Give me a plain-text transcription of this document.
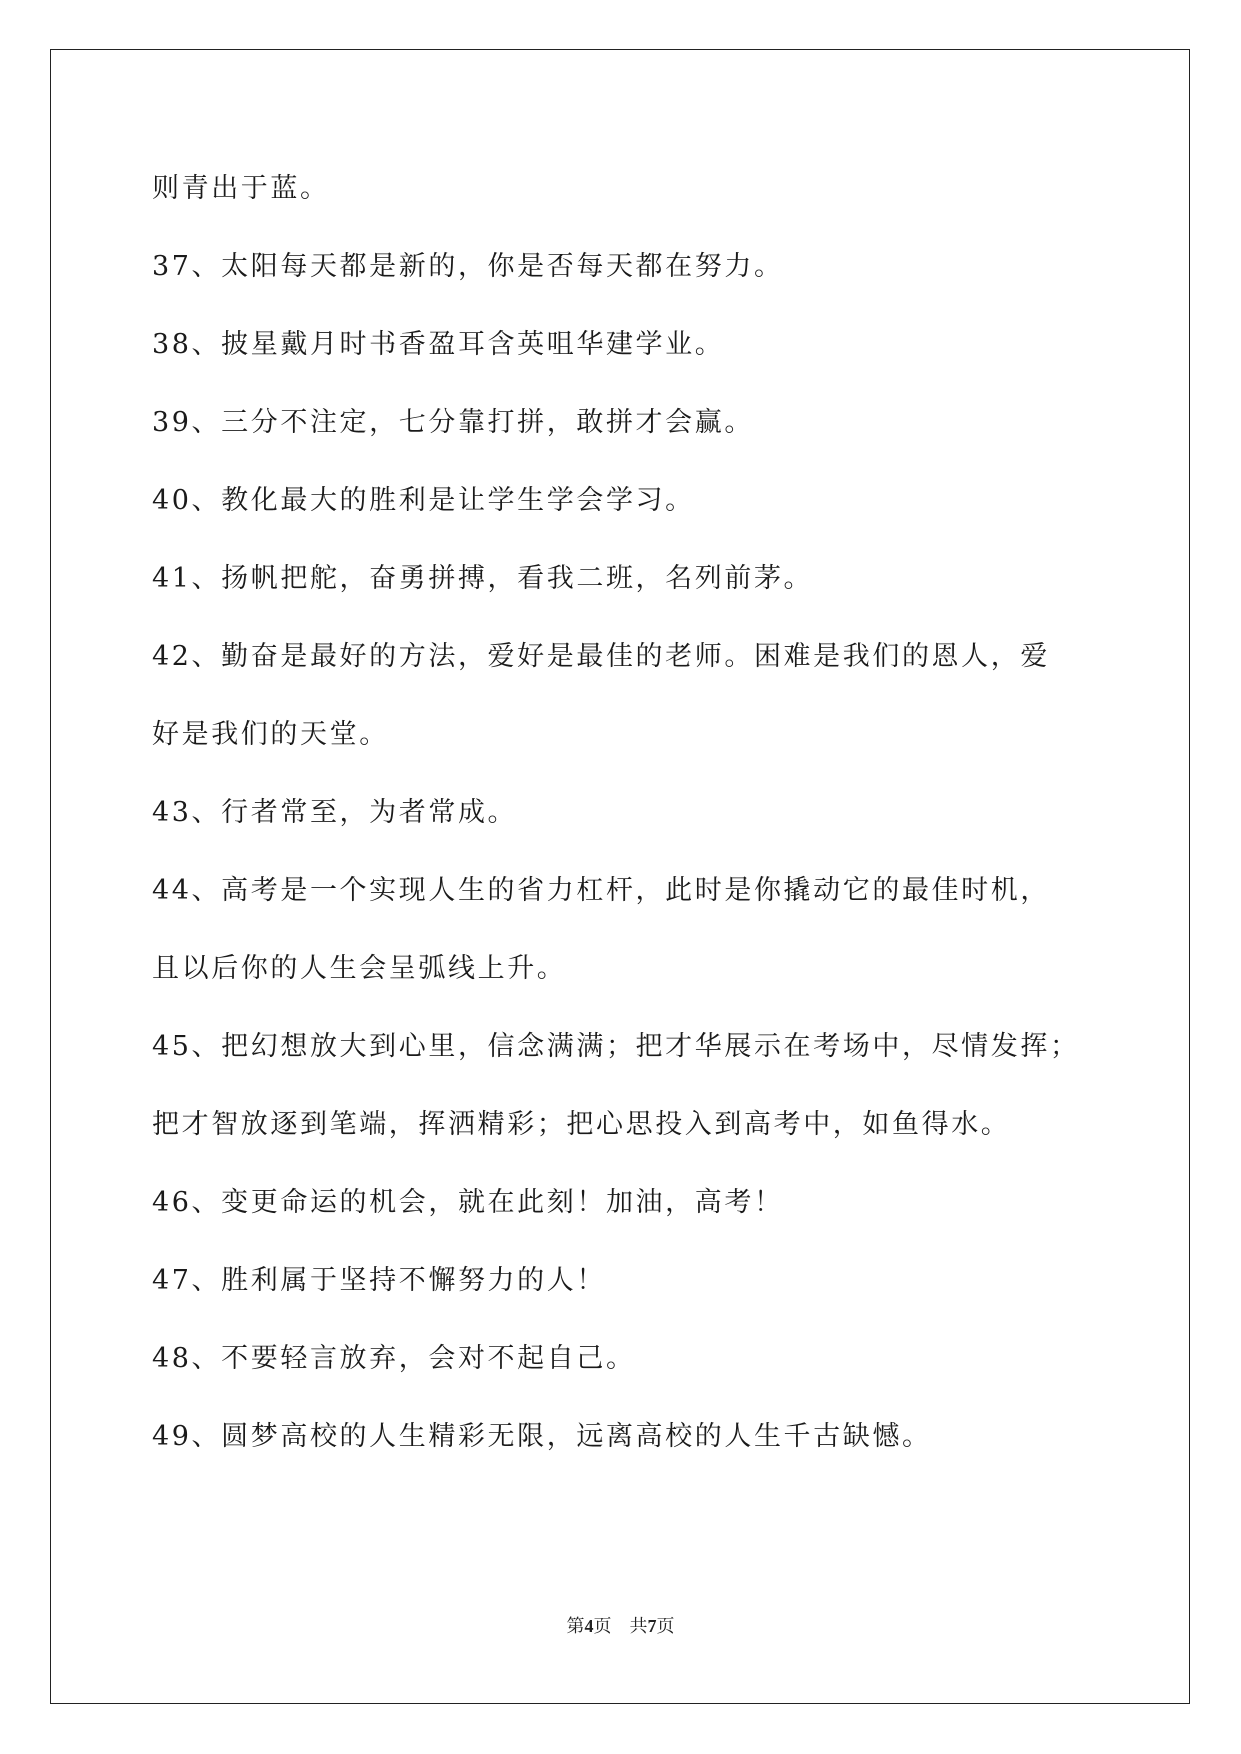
则青出于蓝。

37、太阳每天都是新的，你是否每天都在努力。

38、披星戴月时书香盈耳含英咀华建学业。

39、三分不注定，七分靠打拼，敢拼才会赢。

40、教化最大的胜利是让学生学会学习。

41、扬帆把舵，奋勇拼搏，看我二班，名列前茅。

42、勤奋是最好的方法，爱好是最佳的老师。困难是我们的恩人，爱

好是我们的天堂。

43、行者常至，为者常成。

44、高考是一个实现人生的省力杠杆，此时是你撬动它的最佳时机，

且以后你的人生会呈弧线上升。

45、把幻想放大到心里，信念满满；把才华展示在考场中，尽情发挥；

把才智放逐到笔端，挥洒精彩；把心思投入到高考中，如鱼得水。

46、变更命运的机会，就在此刻！加油，高考！

47、胜利属于坚持不懈努力的人！

48、不要轻言放弃，会对不起自己。

49、圆梦高校的人生精彩无限，远离高校的人生千古缺憾。

第4页 共7页
